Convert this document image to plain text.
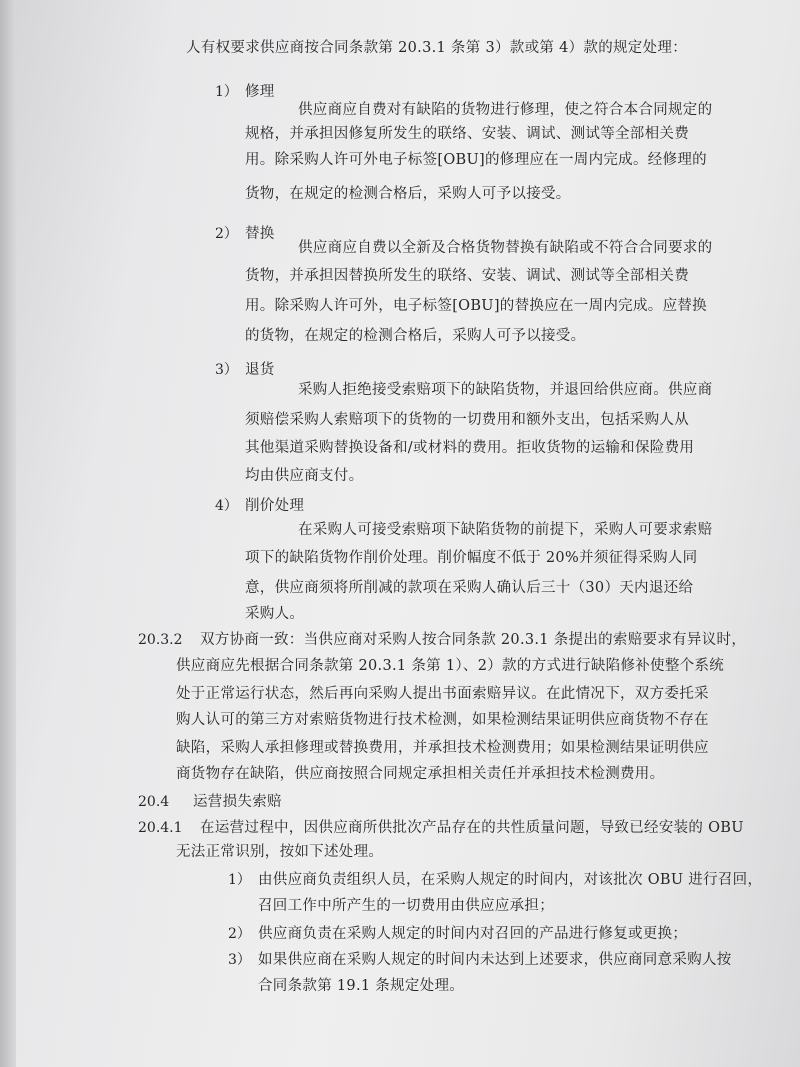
人有权要求供应商按合同条款第 20.3.1 条第 3）款或第 4）款的规定处理：
1） 修理
供应商应自费对有缺陷的货物进行修理，使之符合本合同规定的
规格，并承担因修复所发生的联络、安装、调试、测试等全部相关费
用。除采购人许可外电子标签[OBU]的修理应在一周内完成。经修理的
货物，在规定的检测合格后，采购人可予以接受。
2） 替换
供应商应自费以全新及合格货物替换有缺陷或不符合合同要求的
货物，并承担因替换所发生的联络、安装、调试、测试等全部相关费
用。除采购人许可外，电子标签[OBU]的替换应在一周内完成。应替换
的货物，在规定的检测合格后，采购人可予以接受。
3） 退货
采购人拒绝接受索赔项下的缺陷货物，并退回给供应商。供应商
须赔偿采购人索赔项下的货物的一切费用和额外支出，包括采购人从
其他渠道采购替换设备和/或材料的费用。拒收货物的运输和保险费用
均由供应商支付。
4） 削价处理
在采购人可接受索赔项下缺陷货物的前提下，采购人可要求索赔
项下的缺陷货物作削价处理。削价幅度不低于 20%并须征得采购人同
意，供应商须将所削减的款项在采购人确认后三十（30）天内退还给
采购人。
20.3.2 双方协商一致：当供应商对采购人按合同条款 20.3.1 条提出的索赔要求有异议时，
供应商应先根据合同条款第 20.3.1 条第 1）、2）款的方式进行缺陷修补使整个系统
处于正常运行状态，然后再向采购人提出书面索赔异议。在此情况下，双方委托采
购人认可的第三方对索赔货物进行技术检测，如果检测结果证明供应商货物不存在
缺陷，采购人承担修理或替换费用，并承担技术检测费用；如果检测结果证明供应
商货物存在缺陷，供应商按照合同规定承担相关责任并承担技术检测费用。
20.4 运营损失索赔
20.4.1 在运营过程中，因供应商所供批次产品存在的共性质量问题，导致已经安装的 OBU
无法正常识别，按如下述处理。
1） 由供应商负责组织人员，在采购人规定的时间内，对该批次 OBU 进行召回，
召回工作中所产生的一切费用由供应应承担；
2） 供应商负责在采购人规定的时间内对召回的产品进行修复或更换；
3） 如果供应商在采购人规定的时间内未达到上述要求，供应商同意采购人按
合同条款第 19.1 条规定处理。
